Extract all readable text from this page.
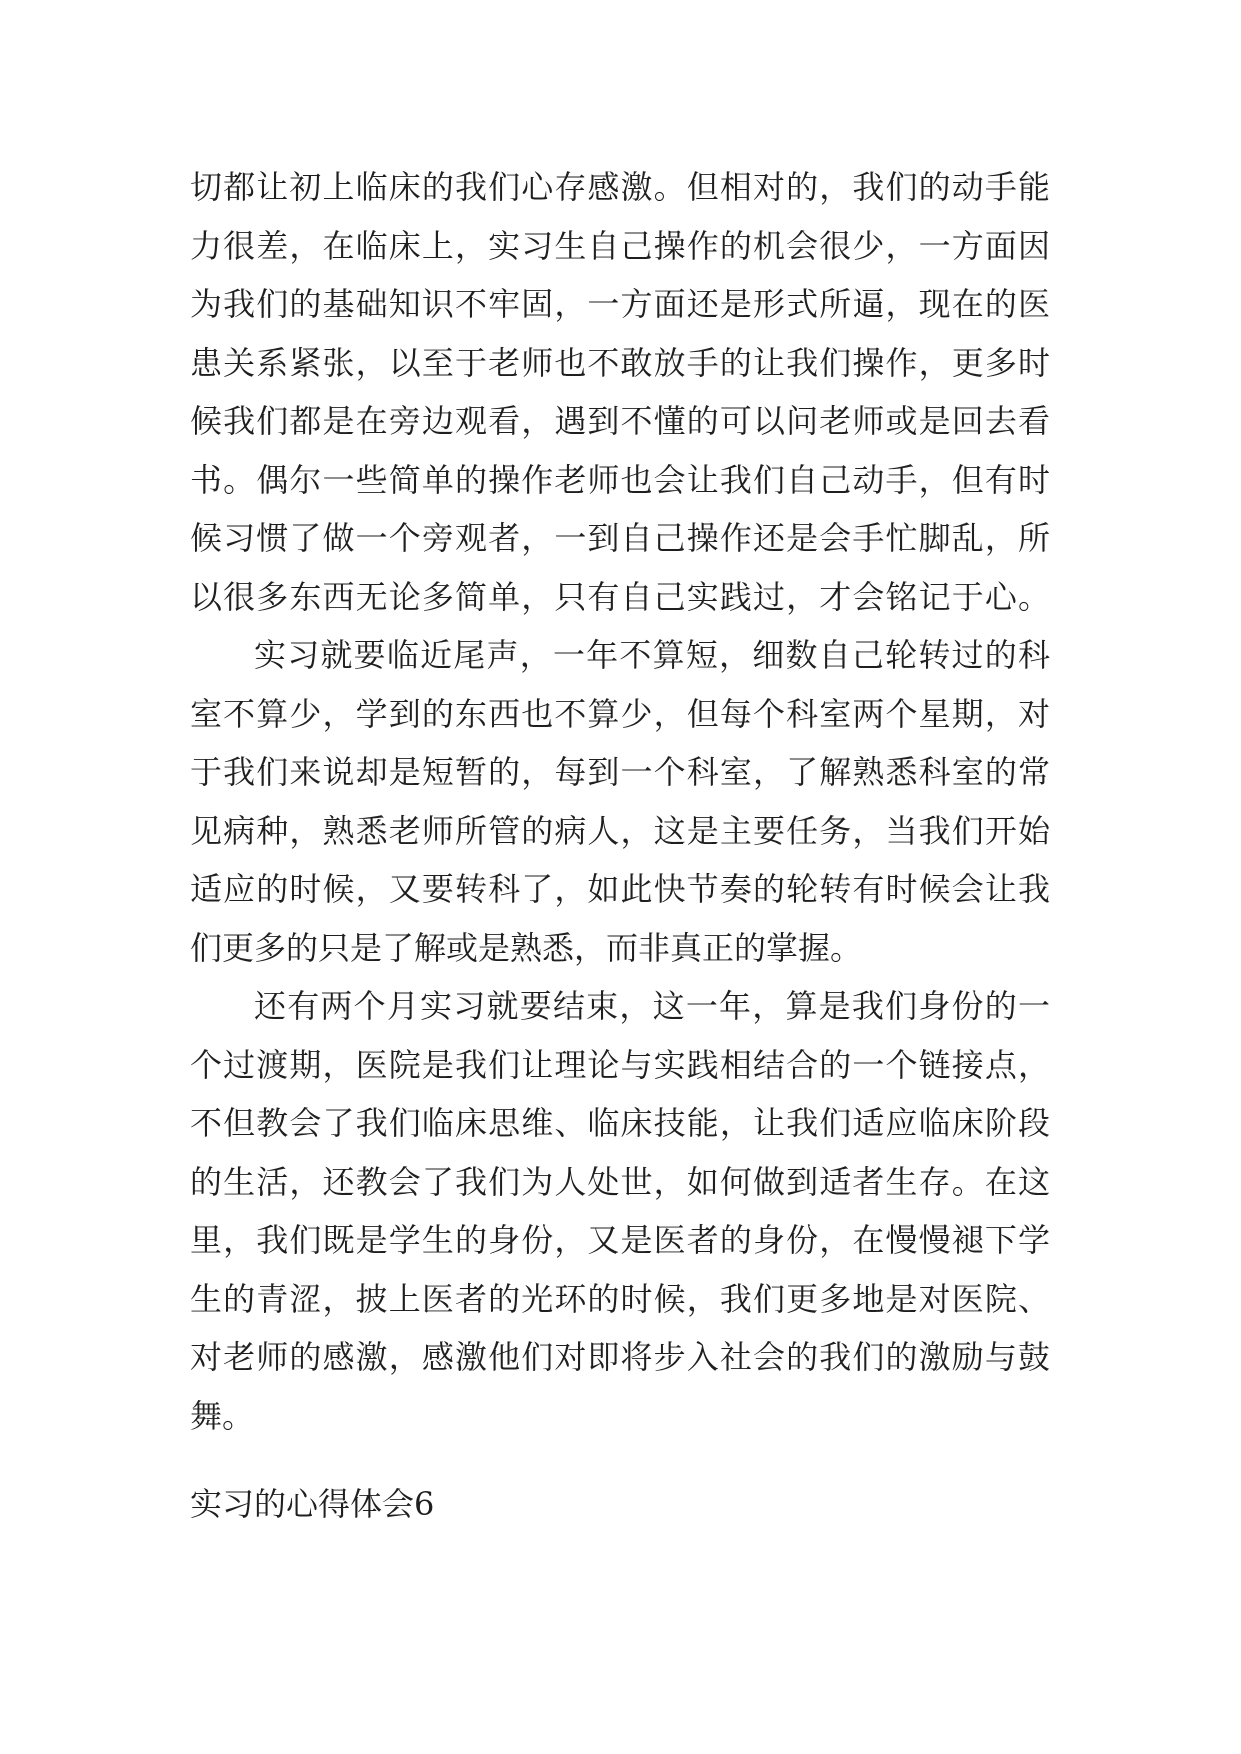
切都让初上临床的我们心存感激。但相对的，我们的动手能
力很差，在临床上，实习生自己操作的机会很少，一方面因
为我们的基础知识不牢固，一方面还是形式所逼，现在的医
患关系紧张，以至于老师也不敢放手的让我们操作，更多时
候我们都是在旁边观看，遇到不懂的可以问老师或是回去看
书。偶尔一些简单的操作老师也会让我们自己动手，但有时
候习惯了做一个旁观者，一到自己操作还是会手忙脚乱，所
以很多东西无论多简单，只有自己实践过，才会铭记于心。
实习就要临近尾声，一年不算短，细数自己轮转过的科
室不算少，学到的东西也不算少，但每个科室两个星期，对
于我们来说却是短暂的，每到一个科室，了解熟悉科室的常
见病种，熟悉老师所管的病人，这是主要任务，当我们开始
适应的时候，又要转科了，如此快节奏的轮转有时候会让我
们更多的只是了解或是熟悉，而非真正的掌握。
还有两个月实习就要结束，这一年，算是我们身份的一
个过渡期，医院是我们让理论与实践相结合的一个链接点，
不但教会了我们临床思维、临床技能，让我们适应临床阶段
的生活，还教会了我们为人处世，如何做到适者生存。在这
里，我们既是学生的身份，又是医者的身份，在慢慢褪下学
生的青涩，披上医者的光环的时候，我们更多地是对医院、
对老师的感激，感激他们对即将步入社会的我们的激励与鼓
舞。
实习的心得体会6
